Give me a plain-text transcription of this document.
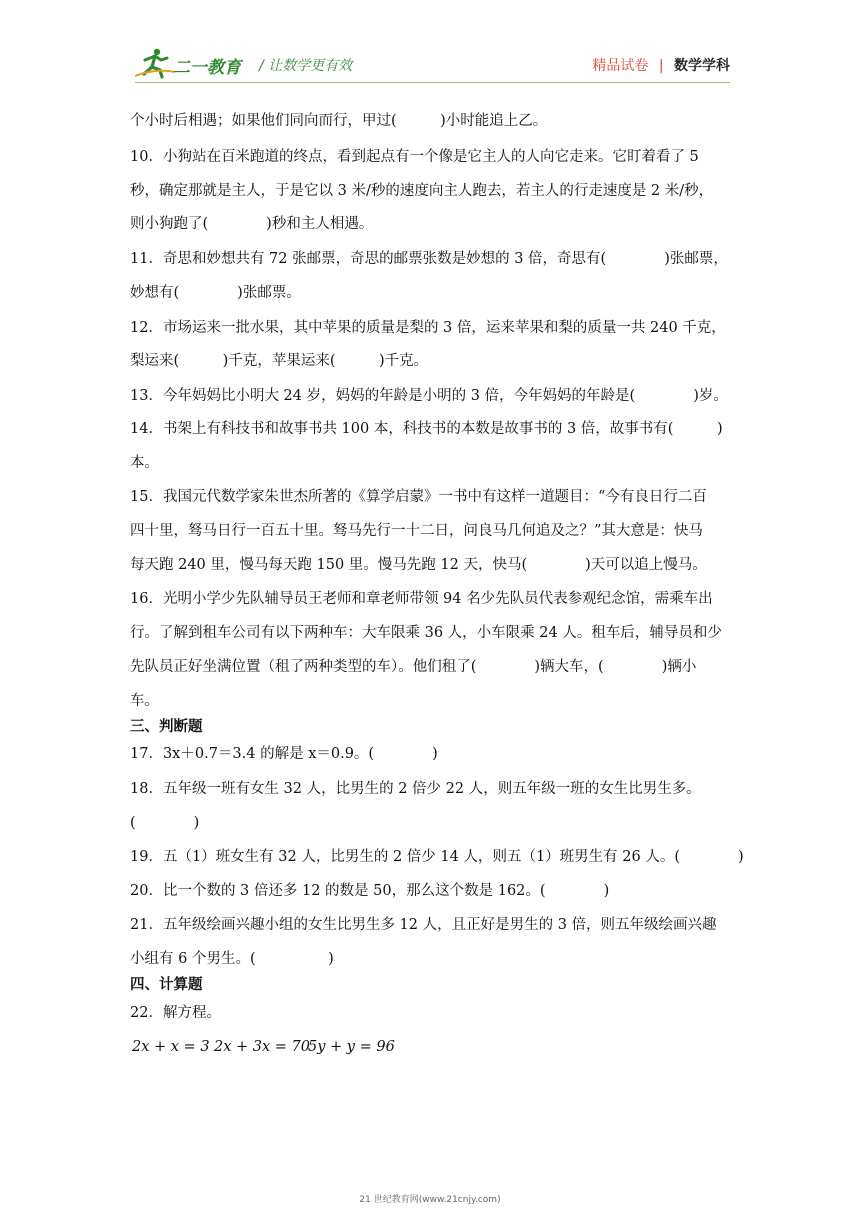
二一教育 / 让数学更有效	精品试卷 | 数学学科
个小时后相遇；如果他们同向而行，甲过(　　　)小时能追上乙。
10．小狗站在百米跑道的终点，看到起点有一个像是它主人的人向它走来。它盯着看了 5
秒，确定那就是主人，于是它以 3 米/秒的速度向主人跑去，若主人的行走速度是 2 米/秒，
则小狗跑了(　　　　)秒和主人相遇。
11．奇思和妙想共有 72 张邮票，奇思的邮票张数是妙想的 3 倍，奇思有(　　　　)张邮票，
妙想有(　　　　)张邮票。
12．市场运来一批水果，其中苹果的质量是梨的 3 倍，运来苹果和梨的质量一共 240 千克，
梨运来(　　　)千克，苹果运来(　　　)千克。
13．今年妈妈比小明大 24 岁，妈妈的年龄是小明的 3 倍，今年妈妈的年龄是(　　　　)岁。
14．书架上有科技书和故事书共 100 本，科技书的本数是故事书的 3 倍，故事书有(　　　)
本。
15．我国元代数学家朱世杰所著的《算学启蒙》一书中有这样一道题目：“今有良日行二百
四十里，驽马日行一百五十里。驽马先行一十二日，问良马几何追及之？”其大意是：快马
每天跑 240 里，慢马每天跑 150 里。慢马先跑 12 天，快马(　　　　)天可以追上慢马。
16．光明小学少先队辅导员王老师和章老师带领 94 名少先队员代表参观纪念馆，需乘车出
行。了解到租车公司有以下两种车：大车限乘 36 人，小车限乘 24 人。租车后，辅导员和少
先队员正好坐满位置（租了两种类型的车）。他们租了(　　　　)辆大车，(　　　　)辆小
车。
三、判断题
17．3x＋0.7＝3.4 的解是 x＝0.9。(　　　　)
18．五年级一班有女生 32 人，比男生的 2 倍少 22 人，则五年级一班的女生比男生多。
(　　　　)
19．五（1）班女生有 32 人，比男生的 2 倍少 14 人，则五（1）班男生有 26 人。(　　　　)
20．比一个数的 3 倍还多 12 的数是 50，那么这个数是 162。(　　　　)
21．五年级绘画兴趣小组的女生比男生多 12 人，且正好是男生的 3 倍，则五年级绘画兴趣
小组有 6 个男生。(　　　　　)
四、计算题
22．解方程。
2x + x = 3 2x + 3x = 70
5y + y = 96
21 世纪教育网(www.21cnjy.com)
